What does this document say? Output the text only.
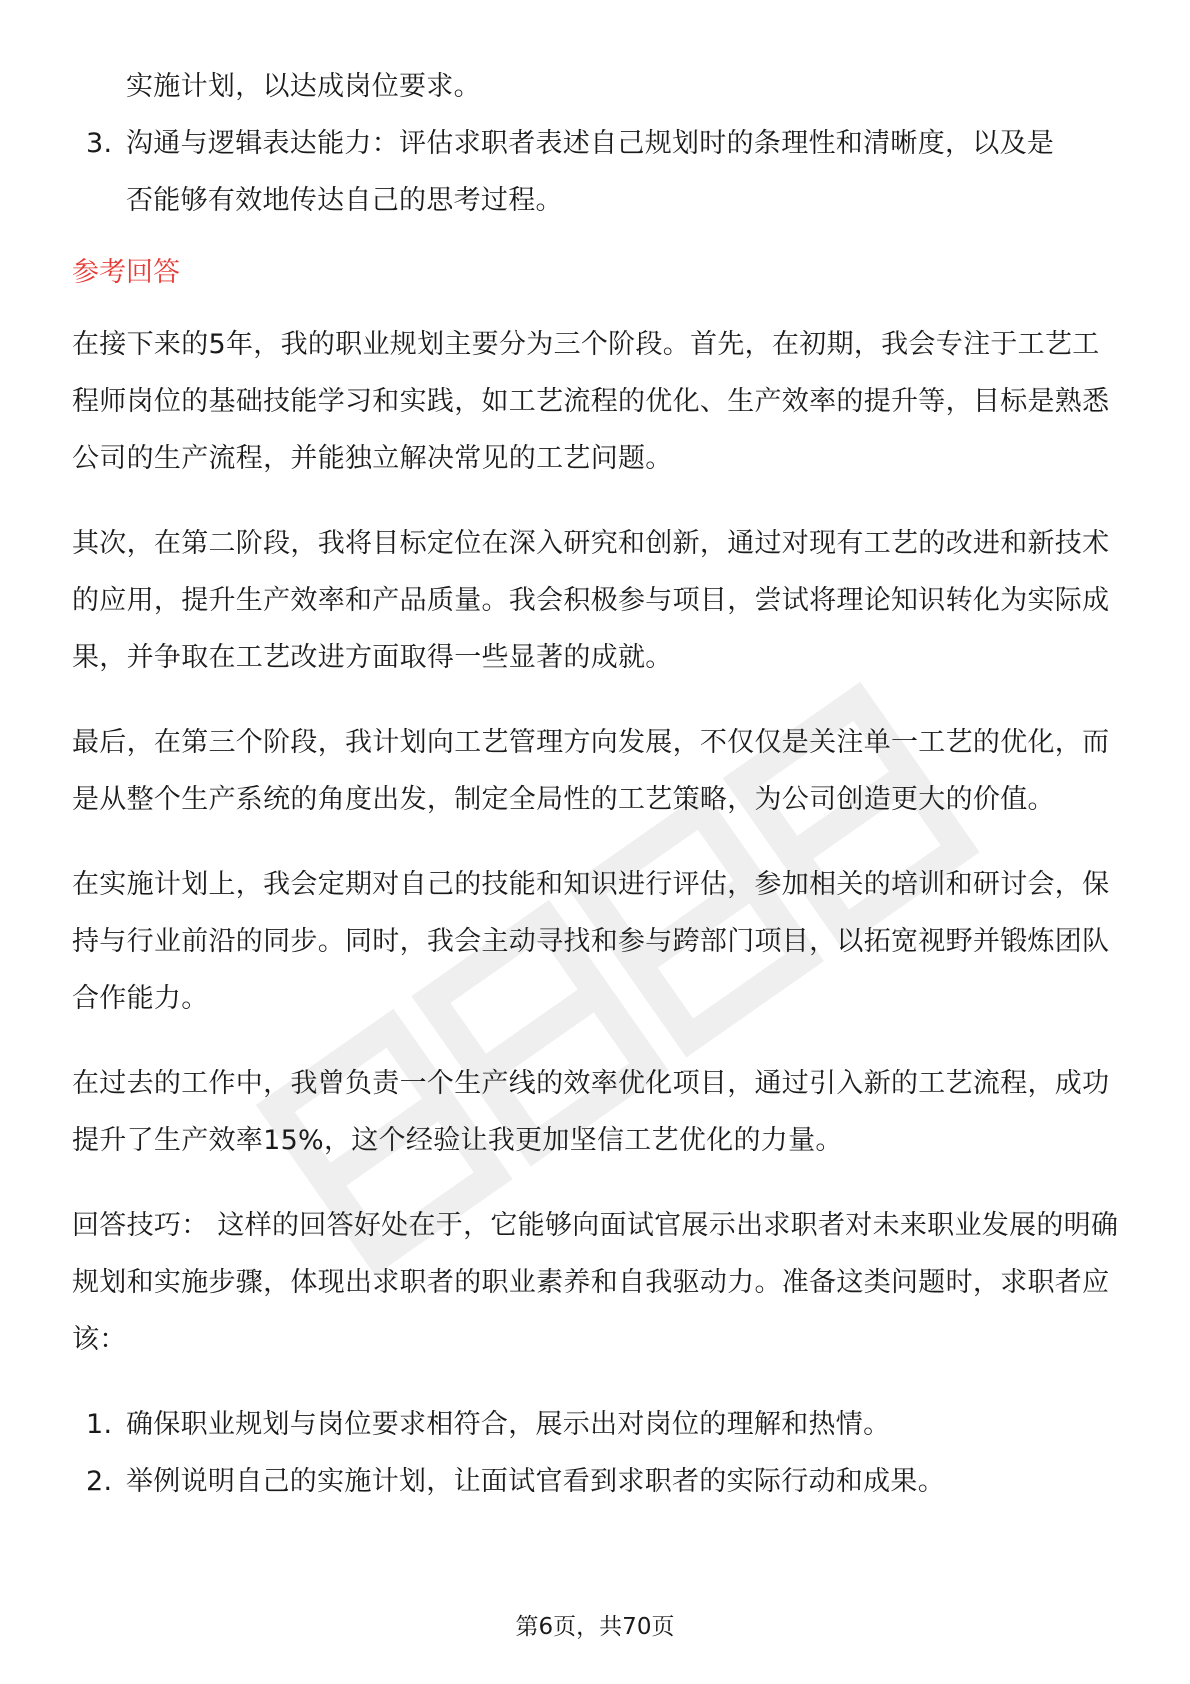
实施计划，以达成岗位要求。
3. 沟通与逻辑表达能力：评估求职者表述自己规划时的条理性和清晰度，以及是
否能够有效地传达自己的思考过程。
参考回答

在接下来的5年，我的职业规划主要分为三个阶段。首先，在初期，我会专注于工艺工程师岗位的基础技能学习和实践，如工艺流程的优化、生产效率的提升等，目标是熟悉公司的生产流程，并能独立解决常见的工艺问题。

其次，在第二阶段，我将目标定位在深入研究和创新，通过对现有工艺的改进和新技术的应用，提升生产效率和产品质量。我会积极参与项目，尝试将理论知识转化为实际成果，并争取在工艺改进方面取得一些显著的成就。

最后，在第三个阶段，我计划向工艺管理方向发展，不仅仅是关注单一工艺的优化，而是从整个生产系统的角度出发，制定全局性的工艺策略，为公司创造更大的价值。

在实施计划上，我会定期对自己的技能和知识进行评估，参加相关的培训和研讨会，保持与行业前沿的同步。同时，我会主动寻找和参与跨部门项目，以拓宽视野并锻炼团队合作能力。

在过去的工作中，我曾负责一个生产线的效率优化项目，通过引入新的工艺流程，成功提升了生产效率15%，这个经验让我更加坚信工艺优化的力量。

回答技巧： 这样的回答好处在于，它能够向面试官展示出求职者对未来职业发展的明确规划和实施步骤，体现出求职者的职业素养和自我驱动力。准备这类问题时，求职者应该：

1. 确保职业规划与岗位要求相符合，展示出对岗位的理解和热情。
2. 举例说明自己的实施计划，让面试官看到求职者的实际行动和成果。
第6页，共70页
